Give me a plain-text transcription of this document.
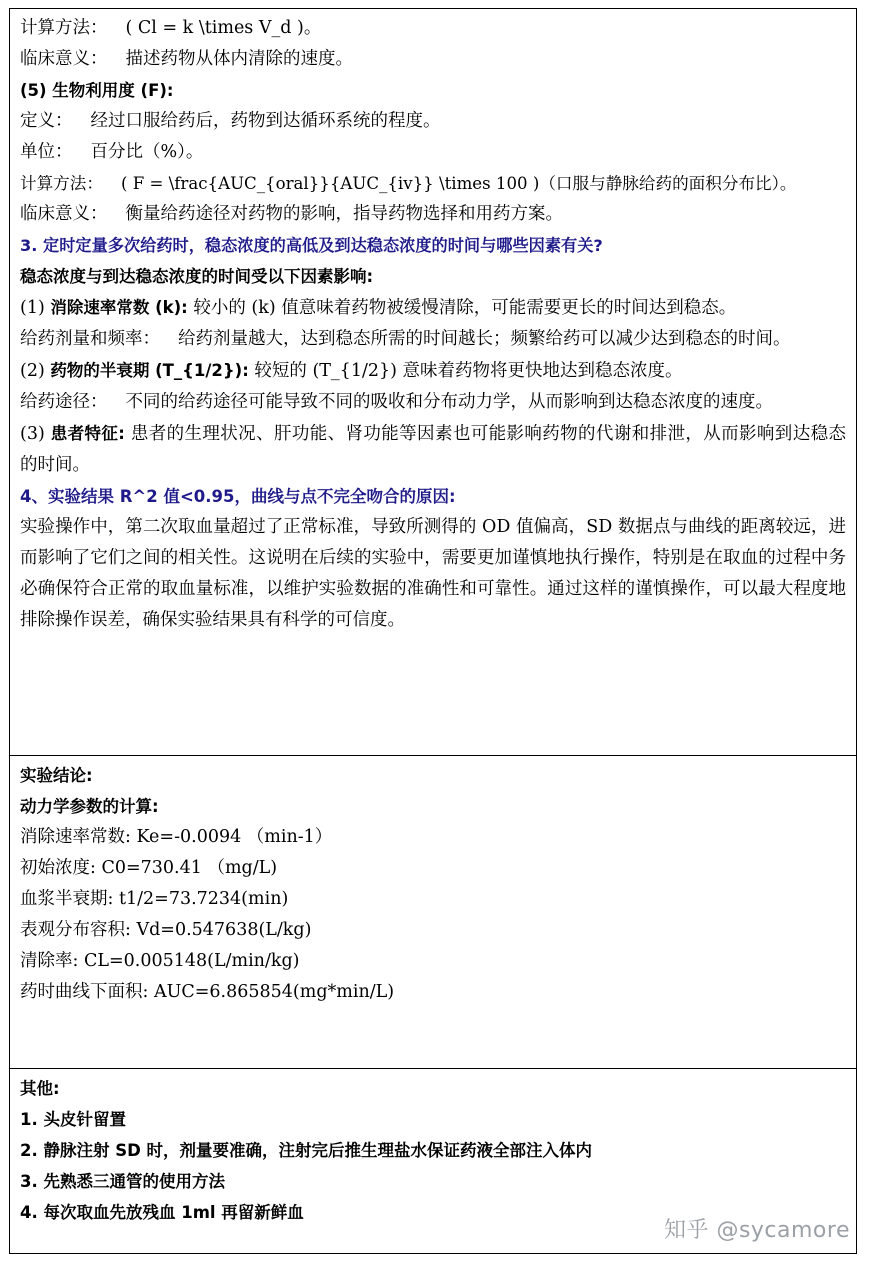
计算方法： ( Cl = k \times V_d )。
临床意义： 描述药物从体内清除的速度。
(5) 生物利用度 (F):
定义： 经过口服给药后，药物到达循环系统的程度。
单位： 百分比（%）。
计算方法： ( F = \frac{AUC_{oral}}{AUC_{iv}} \times 100 )（口服与静脉给药的面积分布比）。
临床意义： 衡量给药途径对药物的影响，指导药物选择和用药方案。
3. 定时定量多次给药时，稳态浓度的高低及到达稳态浓度的时间与哪些因素有关?
稳态浓度与到达稳态浓度的时间受以下因素影响:
(1) 消除速率常数 (k): 较小的 (k) 值意味着药物被缓慢清除，可能需要更长的时间达到稳态。
给药剂量和频率： 给药剂量越大，达到稳态所需的时间越长；频繁给药可以减少达到稳态的时间。
(2) 药物的半衰期 (T_{1/2}): 较短的 (T_{1/2}) 意味着药物将更快地达到稳态浓度。
给药途径： 不同的给药途径可能导致不同的吸收和分布动力学，从而影响到达稳态浓度的速度。
(3) 患者特征: 患者的生理状况、肝功能、肾功能等因素也可能影响药物的代谢和排泄，从而影响到达稳态的时间。
4、实验结果 R^2 值<0.95，曲线与点不完全吻合的原因:
实验操作中，第二次取血量超过了正常标准，导致所测得的 OD 值偏高，SD 数据点与曲线的距离较远，进而影响了它们之间的相关性。这说明在后续的实验中，需要更加谨慎地执行操作，特别是在取血的过程中务必确保符合正常的取血量标准，以维护实验数据的准确性和可靠性。通过这样的谨慎操作，可以最大程度地排除操作误差，确保实验结果具有科学的可信度。
实验结论:
动力学参数的计算:
消除速率常数: Ke=-0.0094 （min-1）
初始浓度: C0=730.41 （mg/L)
血浆半衰期: t1/2=73.7234(min)
表观分布容积: Vd=0.547638(L/kg)
清除率: CL=0.005148(L/min/kg)
药时曲线下面积: AUC=6.865854(mg*min/L)
其他:
1. 头皮针留置
2. 静脉注射 SD 时，剂量要准确，注射完后推生理盐水保证药液全部注入体内
3. 先熟悉三通管的使用方法
4. 每次取血先放残血 1ml 再留新鲜血
知乎 @sycamore
